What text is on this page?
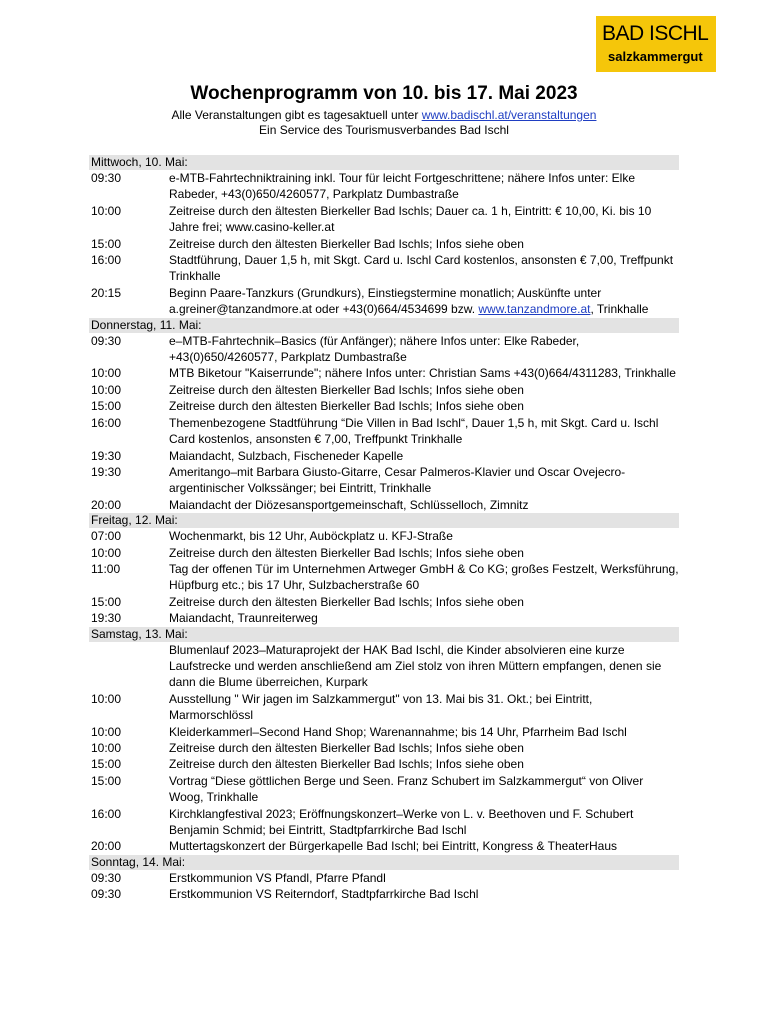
BAD ISCHL
salzkammergut
Wochenprogramm von 10. bis 17. Mai 2023
Alle Veranstaltungen gibt es tagesaktuell unter www.badischl.at/veranstaltungen
Ein Service des Tourismusverbandes Bad Ischl
Mittwoch, 10. Mai:
09:30	e-MTB-Fahrtechniktraining inkl. Tour für leicht Fortgeschrittene; nähere Infos unter: Elke Rabeder, +43(0)650/4260577, Parkplatz Dumbastraße
10:00	Zeitreise durch den ältesten Bierkeller Bad Ischls; Dauer ca. 1 h, Eintritt: € 10,00, Ki. bis 10 Jahre frei; www.casino-keller.at
15:00	Zeitreise durch den ältesten Bierkeller Bad Ischls; Infos siehe oben
16:00	Stadtführung, Dauer 1,5 h, mit Skgt. Card u. Ischl Card kostenlos, ansonsten € 7,00, Treffpunkt Trinkhalle
20:15	Beginn Paare-Tanzkurs (Grundkurs), Einstiegstermine monatlich; Auskünfte unter a.greiner@tanzandmore.at oder +43(0)664/4534699 bzw. www.tanzandmore.at, Trinkhalle
Donnerstag, 11. Mai:
09:30	e–MTB-Fahrtechnik–Basics (für Anfänger); nähere Infos unter: Elke Rabeder, +43(0)650/4260577, Parkplatz Dumbastraße
10:00	MTB Biketour "Kaiserrunde"; nähere Infos unter: Christian Sams +43(0)664/4311283, Trinkhalle
10:00	Zeitreise durch den ältesten Bierkeller Bad Ischls; Infos siehe oben
15:00	Zeitreise durch den ältesten Bierkeller Bad Ischls; Infos siehe oben
16:00	Themenbezogene Stadtführung “Die Villen in Bad Ischl“, Dauer 1,5 h, mit Skgt. Card u. Ischl Card kostenlos, ansonsten € 7,00, Treffpunkt Trinkhalle
19:30	Maiandacht, Sulzbach, Fischeneder Kapelle
19:30	Ameritango–mit Barbara Giusto-Gitarre, Cesar Palmeros-Klavier und Oscar Ovejecro-argentinischer Volkssänger; bei Eintritt, Trinkhalle
20:00	Maiandacht der Diözesansportgemeinschaft, Schlüsselloch, Zimnitz
Freitag, 12. Mai:
07:00	Wochenmarkt, bis 12 Uhr, Auböckplatz u. KFJ-Straße
10:00	Zeitreise durch den ältesten Bierkeller Bad Ischls; Infos siehe oben
11:00	Tag der offenen Tür im Unternehmen Artweger GmbH & Co KG; großes Festzelt, Werksführung, Hüpfburg etc.; bis 17 Uhr, Sulzbacherstraße 60
15:00	Zeitreise durch den ältesten Bierkeller Bad Ischls; Infos siehe oben
19:30	Maiandacht, Traunreiterweg
Samstag, 13. Mai:
Blumenlauf 2023–Maturaprojekt der HAK Bad Ischl, die Kinder absolvieren eine kurze Laufstrecke und werden anschließend am Ziel stolz von ihren Müttern empfangen, denen sie dann die Blume überreichen, Kurpark
10:00	Ausstellung " Wir jagen im Salzkammergut" von 13. Mai bis 31. Okt.; bei Eintritt, Marmorschlössl
10:00	Kleiderkammerl–Second Hand Shop; Warenannahme; bis 14 Uhr, Pfarrheim Bad Ischl
10:00	Zeitreise durch den ältesten Bierkeller Bad Ischls; Infos siehe oben
15:00	Zeitreise durch den ältesten Bierkeller Bad Ischls; Infos siehe oben
15:00	Vortrag “Diese göttlichen Berge und Seen. Franz Schubert im Salzkammergut“ von Oliver Woog, Trinkhalle
16:00	Kirchklangfestival 2023; Eröffnungskonzert–Werke von L. v. Beethoven und F. Schubert Benjamin Schmid; bei Eintritt, Stadtpfarrkirche Bad Ischl
20:00	Muttertagskonzert der Bürgerkapelle Bad Ischl; bei Eintritt, Kongress & TheaterHaus
Sonntag, 14. Mai:
09:30	Erstkommunion VS Pfandl, Pfarre Pfandl
09:30	Erstkommunion VS Reiterndorf, Stadtpfarrkirche Bad Ischl
